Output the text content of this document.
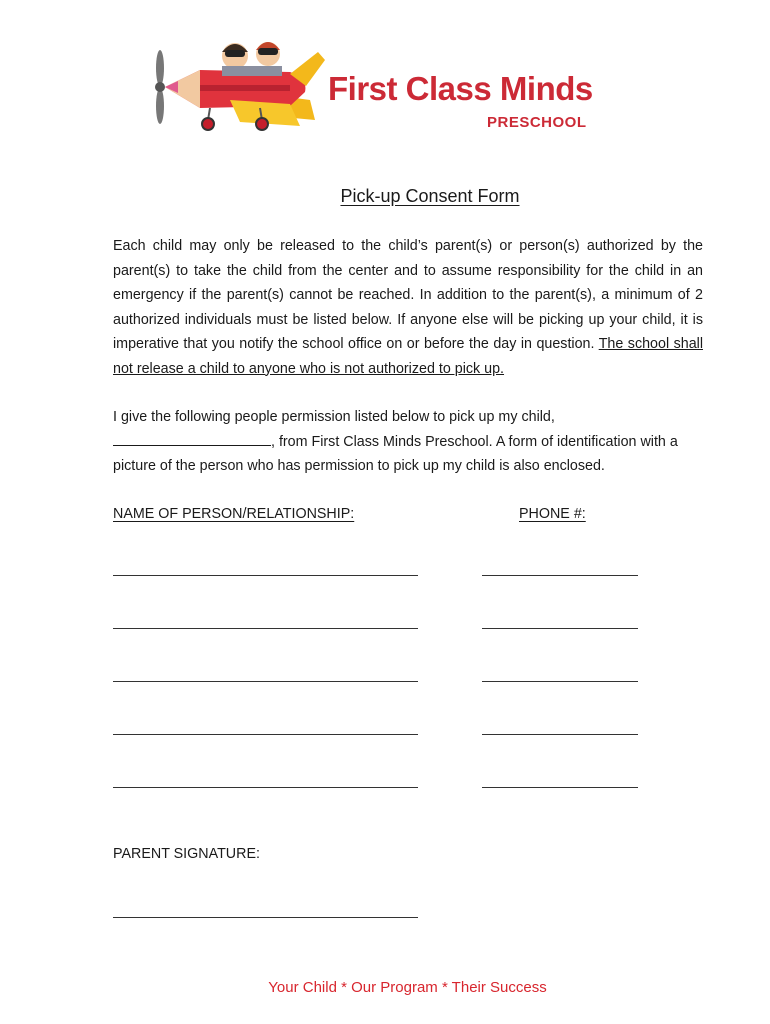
First Class Minds
PRESCHOOL
Pick-up Consent Form

Each child may only be released to the child’s parent(s) or person(s) authorized by the parent(s) to take the child from the center and to assume responsibility for the child in an emergency if the parent(s) cannot be reached. In addition to the parent(s), a minimum of 2 authorized individuals must be listed below. If anyone else will be picking up your child, it is imperative that you notify the school office on or before the day in question. The school shall not release a child to anyone who is not authorized to pick up.

I give the following people permission listed below to pick up my child, , from First Class Minds Preschool. A form of identification with a picture of the person who has permission to pick up my child is also enclosed.

NAME OF PERSON/RELATIONSHIP:	PHONE #:
PARENT SIGNATURE:

Your Child * Our Program * Their Success
